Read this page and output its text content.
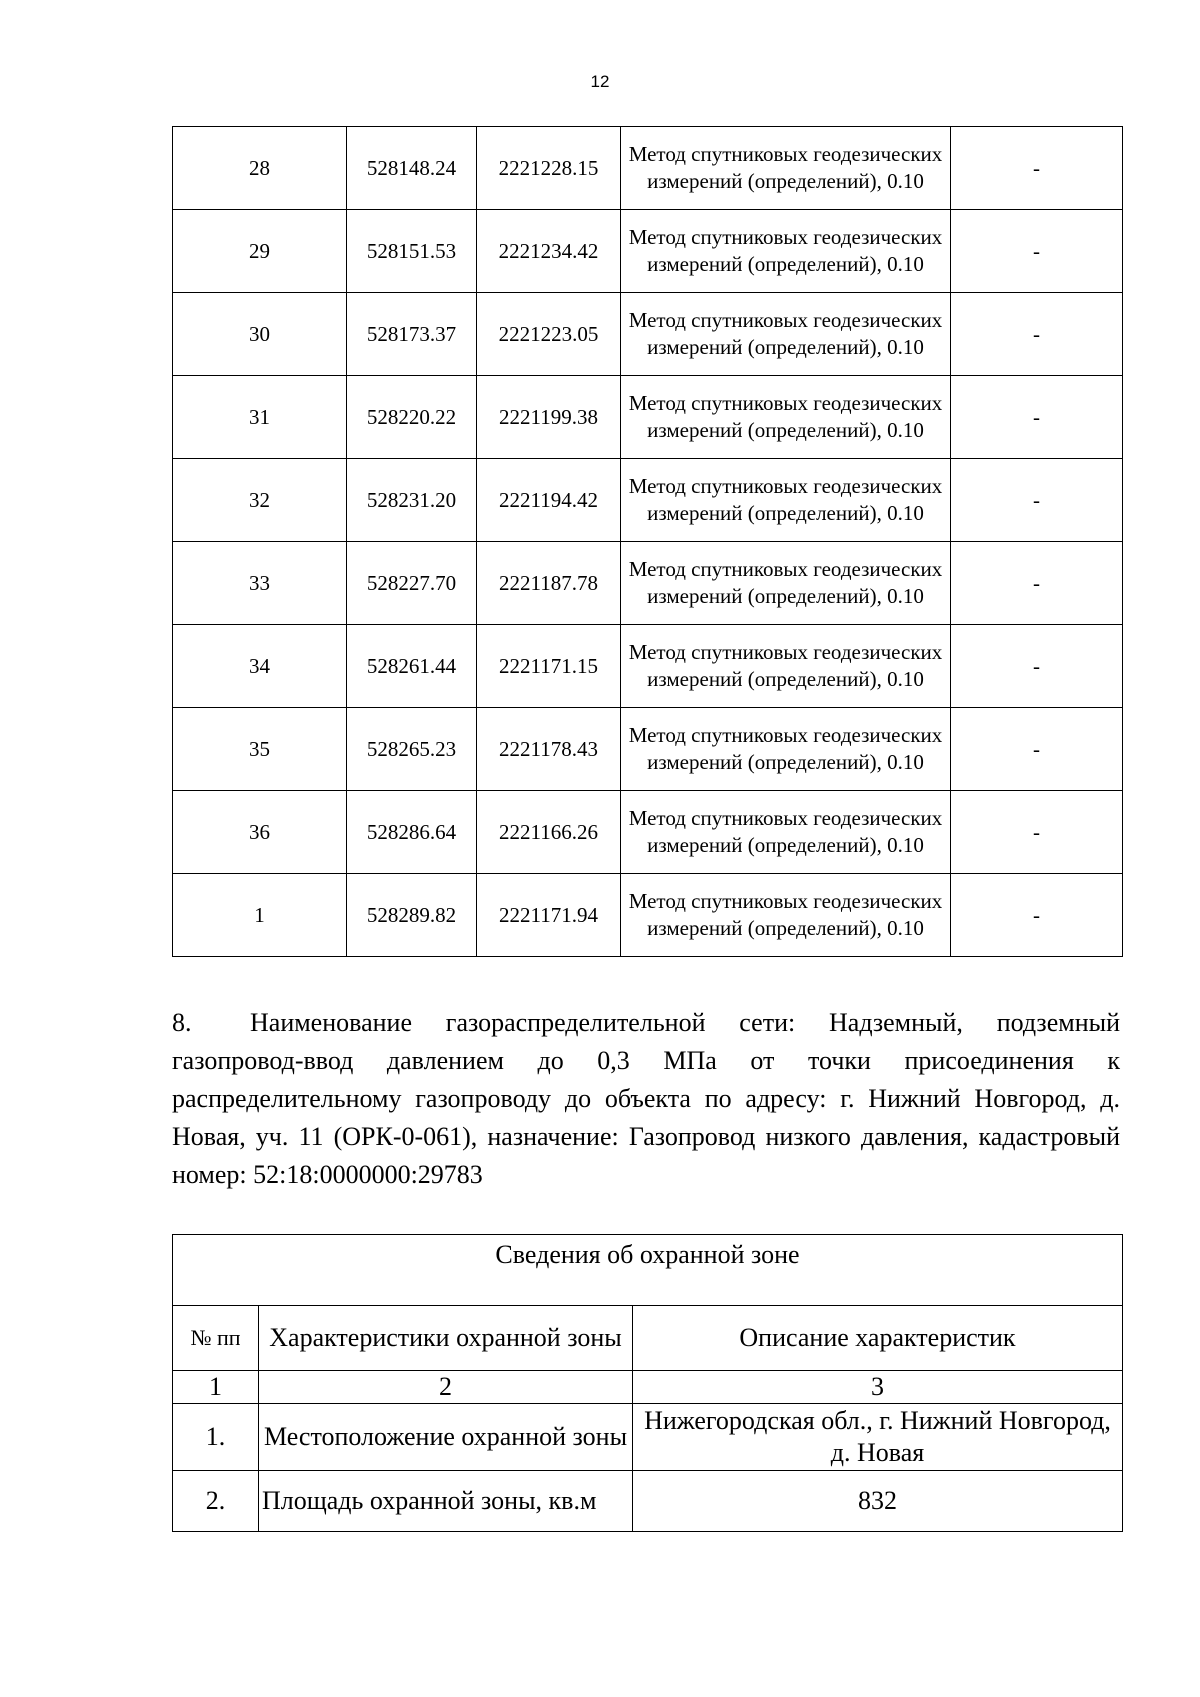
12
28	528148.24	2221228.15	Метод спутниковых геодезических измерений (определений), 0.10	-
29	528151.53	2221234.42	Метод спутниковых геодезических измерений (определений), 0.10	-
30	528173.37	2221223.05	Метод спутниковых геодезических измерений (определений), 0.10	-
31	528220.22	2221199.38	Метод спутниковых геодезических измерений (определений), 0.10	-
32	528231.20	2221194.42	Метод спутниковых геодезических измерений (определений), 0.10	-
33	528227.70	2221187.78	Метод спутниковых геодезических измерений (определений), 0.10	-
34	528261.44	2221171.15	Метод спутниковых геодезических измерений (определений), 0.10	-
35	528265.23	2221178.43	Метод спутниковых геодезических измерений (определений), 0.10	-
36	528286.64	2221166.26	Метод спутниковых геодезических измерений (определений), 0.10	-
1	528289.82	2221171.94	Метод спутниковых геодезических измерений (определений), 0.10	-

8. Наименование газораспределительной сети: Надземный, подземный газопровод-ввод давлением до 0,3 МПа от точки присоединения к распределительному газопроводу до объекта по адресу: г. Нижний Новгород, д. Новая, уч. 11 (ОРК-0-061), назначение: Газопровод низкого давления, кадастровый номер: 52:18:0000000:29783

Сведения об охранной зоне		
№ пп	Характеристики охранной зоны	Описание характеристик
1	2	3
1.	Местоположение охранной зоны	Нижегородская обл., г. Нижний Новгород, д. Новая
2.	Площадь охранной зоны, кв.м	832
